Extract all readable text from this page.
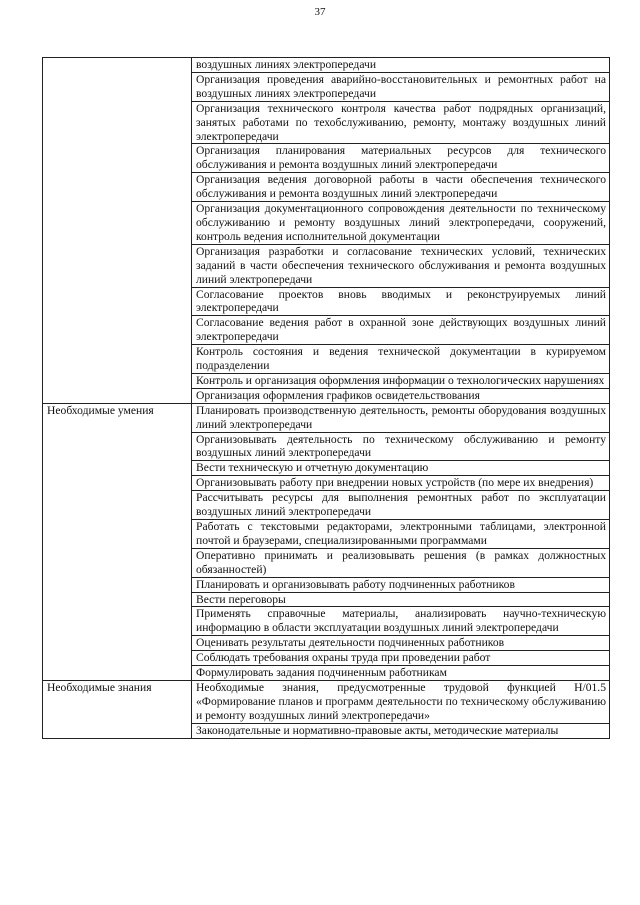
37
	воздушных линиях электропередачи
	Организация проведения аварийно-восстановительных и ремонтных работ на воздушных линиях электропередачи
	Организация технического контроля качества работ подрядных организаций, занятых работами по техобслуживанию, ремонту, монтажу воздушных линий электропередачи
	Организация планирования материальных ресурсов для технического обслуживания и ремонта воздушных линий электропередачи
	Организация ведения договорной работы в части обеспечения технического обслуживания и ремонта воздушных линий электропередачи
	Организация документационного сопровождения деятельности по техническому обслуживанию и ремонту воздушных линий электропередачи, сооружений, контроль ведения исполнительной документации
	Организация разработки и согласование технических условий, технических заданий в части обеспечения технического обслуживания и ремонта воздушных линий электропередачи
	Согласование проектов вновь вводимых и реконструируемых линий электропередачи
	Согласование ведения работ в охранной зоне действующих воздушных линий электропередачи
	Контроль состояния и ведения технической документации в курируемом подразделении
	Контроль и организация оформления информации о технологических нарушениях
	Организация оформления графиков освидетельствования
Необходимые умения	Планировать производственную деятельность, ремонты оборудования воздушных линий электропередачи
	Организовывать деятельность по техническому обслуживанию и ремонту воздушных линий электропередачи
	Вести техническую и отчетную документацию
	Организовывать работу при внедрении новых устройств (по мере их внедрения)
	Рассчитывать ресурсы для выполнения ремонтных работ по эксплуатации воздушных линий электропередачи
	Работать с текстовыми редакторами, электронными таблицами, электронной почтой и браузерами, специализированными программами
	Оперативно принимать и реализовывать решения (в рамках должностных обязанностей)
	Планировать и организовывать работу подчиненных работников
	Вести переговоры
	Применять справочные материалы, анализировать научно-техническую информацию в области эксплуатации воздушных линий электропередачи
	Оценивать результаты деятельности подчиненных работников
	Соблюдать требования охраны труда при проведении работ
	Формулировать задания подчиненным работникам
Необходимые знания	Необходимые знания, предусмотренные трудовой функцией H/01.5 «Формирование планов и программ деятельности по техническому обслуживанию и ремонту воздушных линий электропередачи»
	Законодательные и нормативно-правовые акты, методические материалы
